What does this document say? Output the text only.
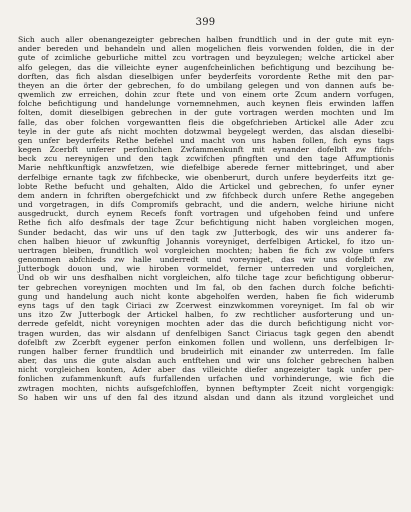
399
Sich auch aller obenangezeigter gebrechen halben frundtlich und in der gute mit eyn-
ander bereden und behandeln und allen mogelichen fleis vorwenden folden, die in der
gute of zcimliche geburliche mittel zcu vortragen und beyzulegen; welche artickel aber
alfo gelegen, das die villeichte eyner augenfcheinlichen befichtigung und bezcihung be-
dorften, das fich alsdan dieselbigen unfer beyderfeits vorordente Rethe mit den par-
theyen an die örter der gebrechen, fo do umbilang gelegen und von dannen aufs be-
qwemlich zw erreichen, dohin zcur ftete und von einem orte Zcum andern vorfugen,
folche befichtigung und handelunge vornemnehmen, auch keynen fleis erwinden laffen
folten, domit dieselbigen gebrechen in der gute vortragen werden mochten und Im
falle, das ober folchen vorgewantten fleis die obgefchrieben Artickel alle Ader zcu
teyle in der gute afs nicht mochten dotzwmal beygelegt werden, das alsdan dieselbi-
gen unfer beyderfeits Rethe befehel und macht von uns haben follen, fich eyns tags
kegen Zcerbft unferer perfonlichen Zwfammenkunft mit eynander dofelbft zw fifch-
beck zcu nereynigen und den tagk zcwifchen pfingften und den tage Affumptionis
Marie nehftkunftigk anzwfetzen, wie diefelbige aberede ferner mittebringet, und aber
derfelbige ernante tagk zw fifchbecke, wie obenberurt, durch unfere beyderfeits itzt ge-
lobte Rethe befucht und gehalten, Aldo die Artickel und gebrechen, fo unfer eyner
dem andern in fchriften obergefchickt und zw fifchbeck durch unfere Rethe angegeben
und vorgetragen, in difs Compromifs gebracht, und die andern, welche hiriune nicht
ausgedruckt, durch eynem Recefs fonft vortragen und ufgehoben feind und unfere
Rethe fich alfo desfmals der tage Zcur befichtigung nicht haben vorgleichen mogen,
Sunder bedacht, das wir uns uf den tagk zw Jutterbogk, des wir uns anderer fa-
chen halben hieuor uf zwkunftig Johannis voreyniget, derfelbigen Artickel, fo itzo un-
uertragen bleiben, frundtlich wol vorgleichen mochten; haben fie fich zw volge unfers
genommen abfchieds zw halle underredt und voreyniget, das wir uns dofelbft zw
Jutterbogk douon und, wie hiroben vormeldet, ferner unterreden und vorgleichen,
Und ob wir uns desfhalben nicht vorgleichen, alfo tilche tage zcur befichtigung obberur-
ter gebrechen voreynigen mochten und Im fal, ob den fachen durch folche befichti-
gung und handelung auch nicht konte abgeholfen werden, haben fie fich widerumb
eyns tags uf den tagk Ciriaci zw Zcerwest einzwkommen voreyniget. Im fal ob wir
uns itzo Zw Jutterbogk der Artickel halben, fo zw rechtlicher ausforterung und un-
derrede gefeldt, nicht voreynigen mochten ader das die durch befichtigung nicht vor-
tragen wurden, das wir alsdann uf denfelbigen Sanct Ciriacus tagk gegen den abendt
dofelbft zw Zcerbft eygener perfon einkomen follen und wollenn, uns derfelbigen Ir-
rungen halber ferner frundtlich und brudeirlich mit einander zw unterreden. Im falle
aber, das uns die gute alsdan auch entftehen und wir uns folcher gebrechen halben
nicht vorgleichen konten, Ader aber das villeichte diefer angezeigter tagk unfer per-
fonlichen zufammenkunft aufs furfallenden urfachen und vorhinderunge, wie fich die
zwtragen mochten, nichts aufsgefchloffen, bynnen beftympter Zceit nicht vorgengigk:
So haben wir uns uf den fal des itzund alsdan und dann als itzund vorgleichet und
